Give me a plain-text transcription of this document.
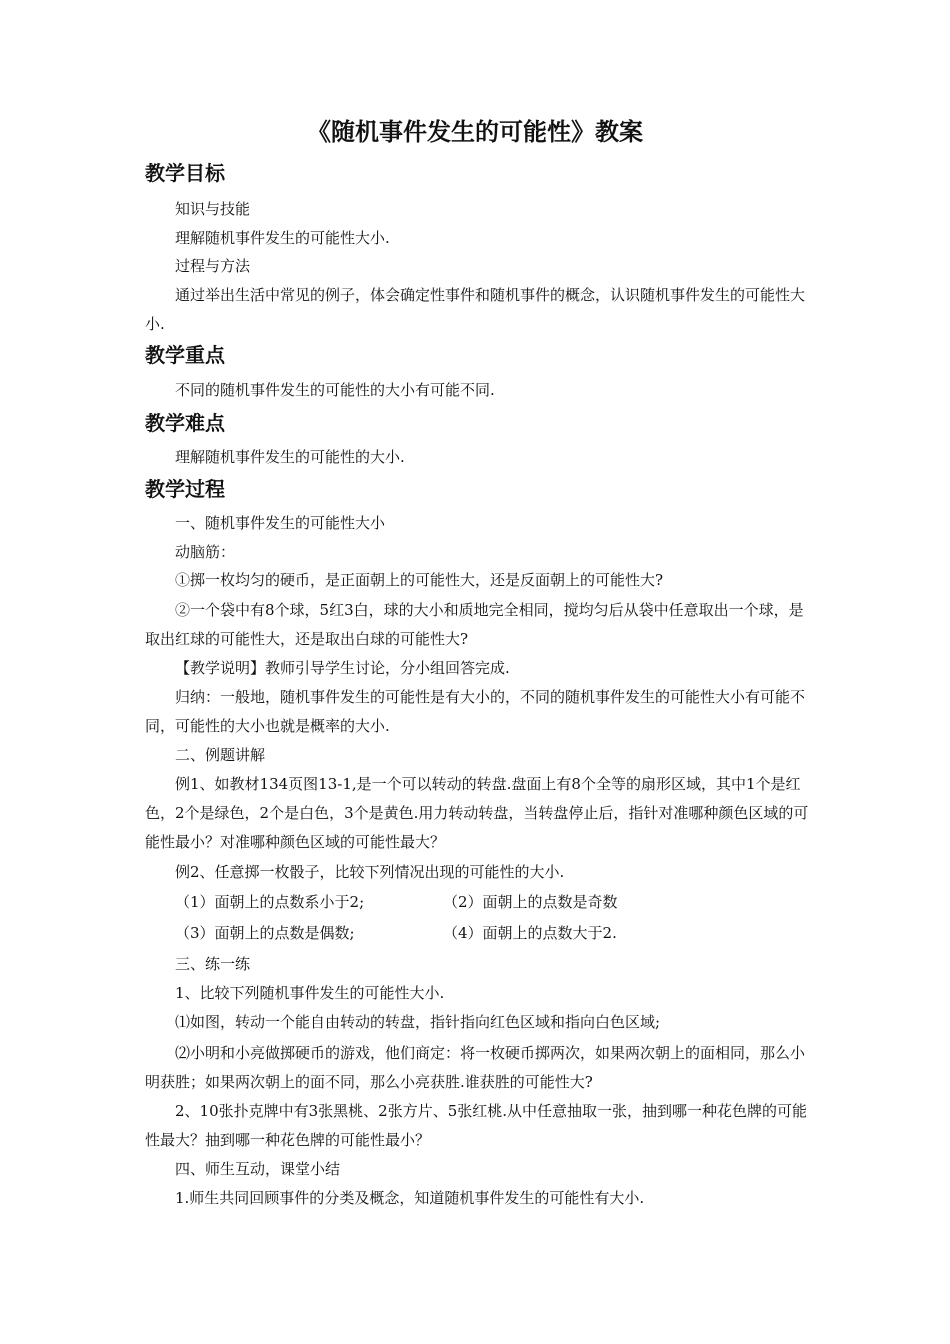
《随机事件发生的可能性》教案
教学目标
知识与技能
理解随机事件发生的可能性大小.
过程与方法
通过举出生活中常见的例子，体会确定性事件和随机事件的概念，认识随机事件发生的可能性大小.
教学重点
不同的随机事件发生的可能性的大小有可能不同.
教学难点
理解随机事件发生的可能性的大小.
教学过程
一、随机事件发生的可能性大小
动脑筋：
①掷一枚均匀的硬币，是正面朝上的可能性大，还是反面朝上的可能性大?
②一个袋中有8个球，5红3白，球的大小和质地完全相同，搅均匀后从袋中任意取出一个球，是取出红球的可能性大，还是取出白球的可能性大?
【教学说明】教师引导学生讨论，分小组回答完成.
归纳：一般地，随机事件发生的可能性是有大小的，不同的随机事件发生的可能性大小有可能不同，可能性的大小也就是概率的大小.
二、例题讲解
例1、如教材134页图13-1,是一个可以转动的转盘.盘面上有8个全等的扇形区域，其中1个是红色，2个是绿色，2个是白色，3个是黄色.用力转动转盘，当转盘停止后，指针对准哪种颜色区域的可能性最小？对准哪种颜色区域的可能性最大？
例2、任意掷一枚骰子，比较下列情况出现的可能性的大小.
（1）面朝上的点数系小于2;	（2）面朝上的点数是奇数
（3）面朝上的点数是偶数;	（4）面朝上的点数大于2.
三、练一练
1、比较下列随机事件发生的可能性大小.
⑴如图，转动一个能自由转动的转盘，指针指向红色区域和指向白色区域;
⑵小明和小亮做掷硬币的游戏，他们商定：将一枚硬币掷两次，如果两次朝上的面相同，那么小明获胜；如果两次朝上的面不同，那么小亮获胜.谁获胜的可能性大?
2、10张扑克牌中有3张黑桃、2张方片、5张红桃.从中任意抽取一张，抽到哪一种花色牌的可能性最大？抽到哪一种花色牌的可能性最小？
四、师生互动，课堂小结
1.师生共同回顾事件的分类及概念，知道随机事件发生的可能性有大小.
